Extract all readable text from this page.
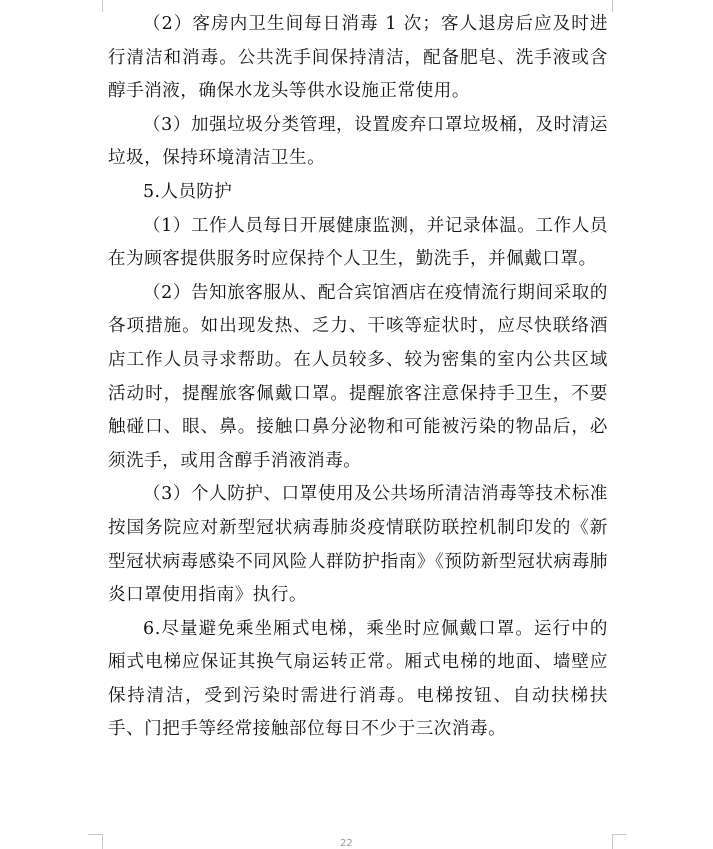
（2）客房内卫生间每日消毒 1 次；客人退房后应及时进行清洁和消毒。公共洗手间保持清洁，配备肥皂、洗手液或含醇手消液，确保水龙头等供水设施正常使用。

（3）加强垃圾分类管理，设置废弃口罩垃圾桶，及时清运垃圾，保持环境清洁卫生。

5.人员防护

（1）工作人员每日开展健康监测，并记录体温。工作人员在为顾客提供服务时应保持个人卫生，勤洗手，并佩戴口罩。

（2）告知旅客服从、配合宾馆酒店在疫情流行期间采取的各项措施。如出现发热、乏力、干咳等症状时，应尽快联络酒店工作人员寻求帮助。在人员较多、较为密集的室内公共区域活动时，提醒旅客佩戴口罩。提醒旅客注意保持手卫生，不要触碰口、眼、鼻。接触口鼻分泌物和可能被污染的物品后，必须洗手，或用含醇手消液消毒。

（3）个人防护、口罩使用及公共场所清洁消毒等技术标准按国务院应对新型冠状病毒肺炎疫情联防联控机制印发的《新型冠状病毒感染不同风险人群防护指南》《预防新型冠状病毒肺炎口罩使用指南》执行。

6.尽量避免乘坐厢式电梯，乘坐时应佩戴口罩。运行中的厢式电梯应保证其换气扇运转正常。厢式电梯的地面、墙壁应保持清洁，受到污染时需进行消毒。电梯按钮、自动扶梯扶手、门把手等经常接触部位每日不少于三次消毒。

22
